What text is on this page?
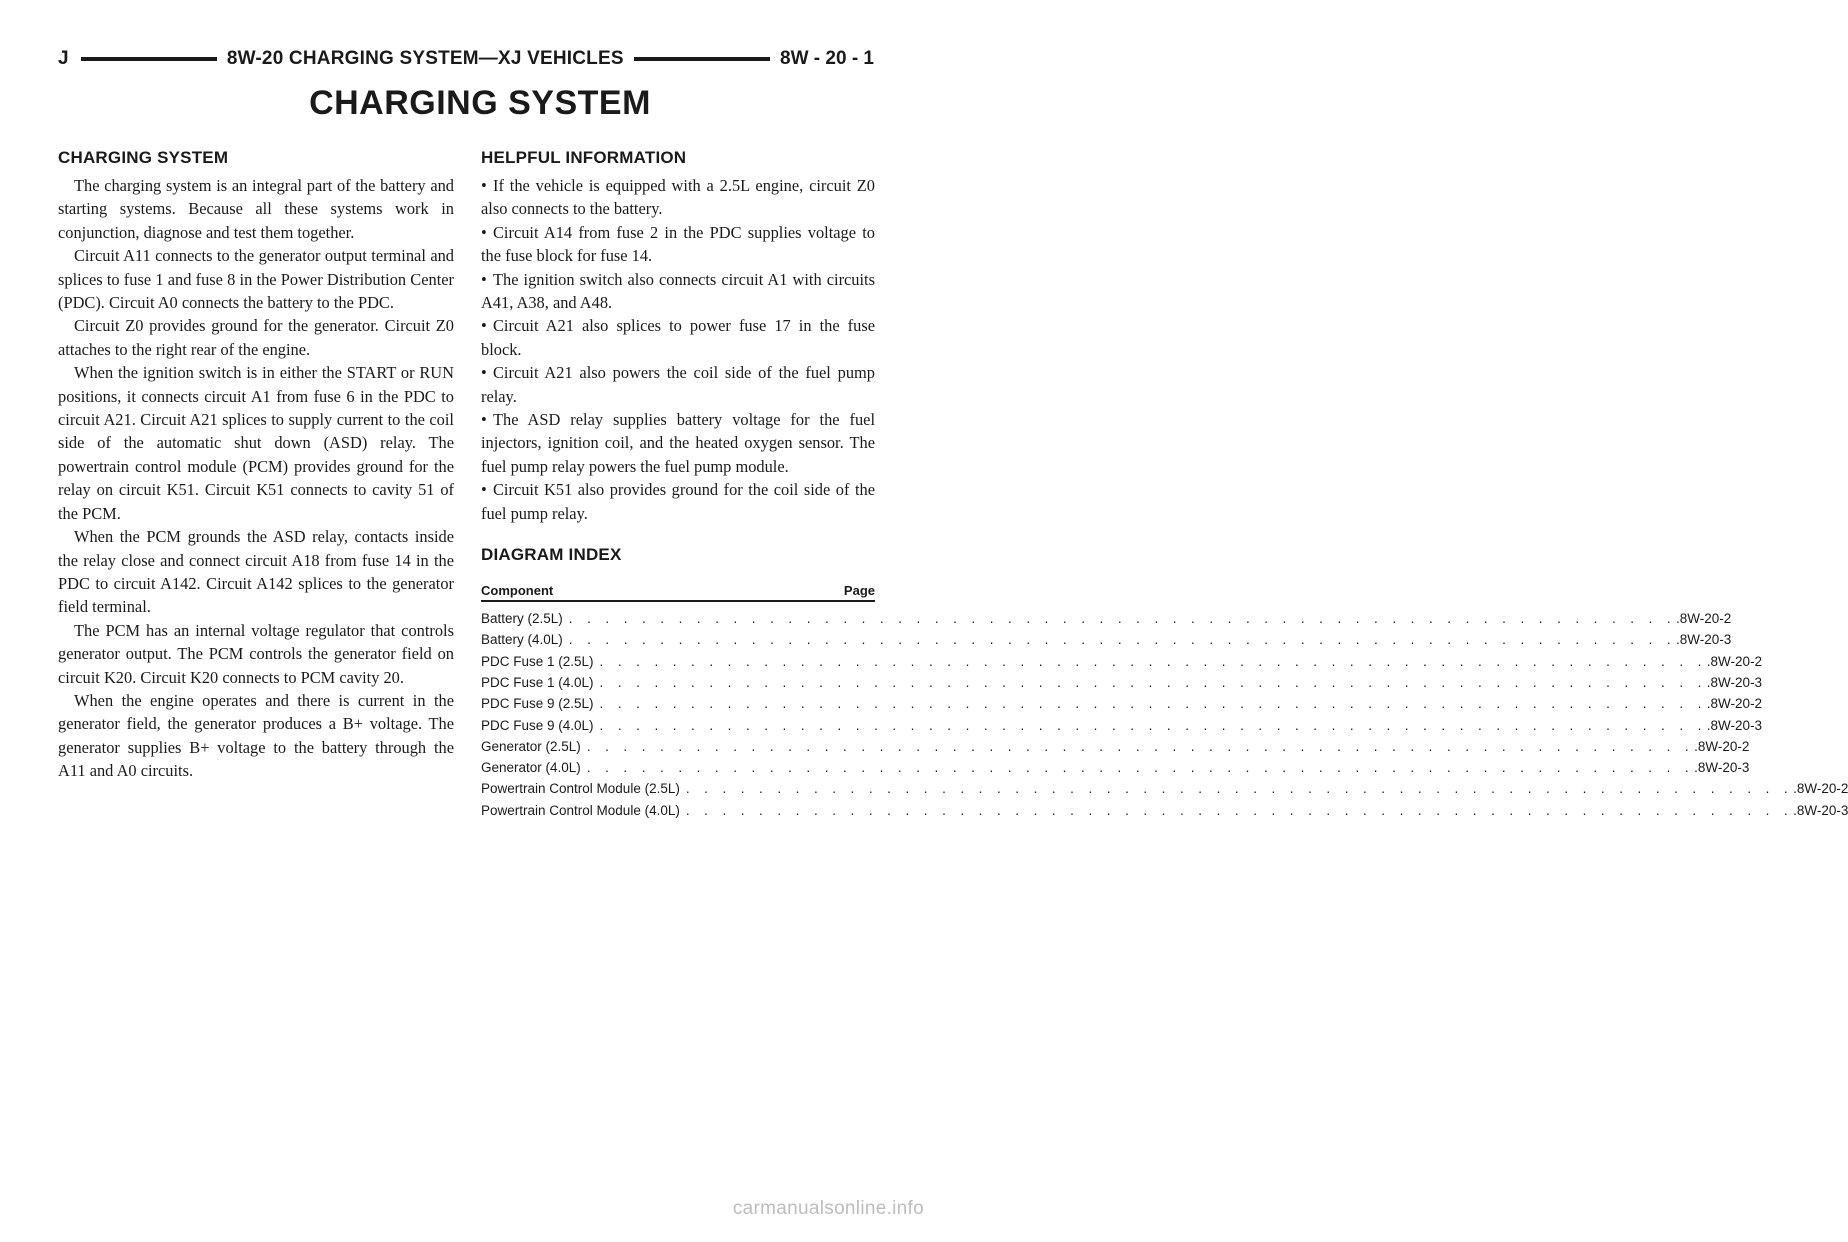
J	8W-20 CHARGING SYSTEM—XJ VEHICLES	8W - 20 - 1
CHARGING SYSTEM
CHARGING SYSTEM

The charging system is an integral part of the battery and starting systems. Because all these systems work in conjunction, diagnose and test them together.

Circuit A11 connects to the generator output terminal and splices to fuse 1 and fuse 8 in the Power Distribution Center (PDC). Circuit A0 connects the battery to the PDC.

Circuit Z0 provides ground for the generator. Circuit Z0 attaches to the right rear of the engine.

When the ignition switch is in either the START or RUN positions, it connects circuit A1 from fuse 6 in the PDC to circuit A21. Circuit A21 splices to supply current to the coil side of the automatic shut down (ASD) relay. The powertrain control module (PCM) provides ground for the relay on circuit K51. Circuit K51 connects to cavity 51 of the PCM.

When the PCM grounds the ASD relay, contacts inside the relay close and connect circuit A18 from fuse 14 in the PDC to circuit A142. Circuit A142 splices to the generator field terminal.

The PCM has an internal voltage regulator that controls generator output. The PCM controls the generator field on circuit K20. Circuit K20 connects to PCM cavity 20.

When the engine operates and there is current in the generator field, the generator produces a B+ voltage. The generator supplies B+ voltage to the battery through the A11 and A0 circuits.

HELPFUL INFORMATION
• If the vehicle is equipped with a 2.5L engine, circuit Z0 also connects to the battery.
• Circuit A14 from fuse 2 in the PDC supplies voltage to the fuse block for fuse 14.
• The ignition switch also connects circuit A1 with circuits A41, A38, and A48.
• Circuit A21 also splices to power fuse 17 in the fuse block.
• Circuit A21 also powers the coil side of the fuel pump relay.
• The ASD relay supplies battery voltage for the fuel injectors, ignition coil, and the heated oxygen sensor. The fuel pump relay powers the fuel pump module.
• Circuit K51 also provides ground for the coil side of the fuel pump relay.
DIAGRAM INDEX
Component	Page
Battery (2.5L) . . . . . . . . . . . . . . . . . . . . . . . . . . . . . . . . . . . . . . . . . . . . . . . . . . . . . . . . . . . . . .8W-20-2
Battery (4.0L) . . . . . . . . . . . . . . . . . . . . . . . . . . . . . . . . . . . . . . . . . . . . . . . . . . . . . . . . . . . . . .8W-20-3
PDC Fuse 1 (2.5L) . . . . . . . . . . . . . . . . . . . . . . . . . . . . . . . . . . . . . . . . . . . . . . . . . . . . . . . . . . . . . .8W-20-2
PDC Fuse 1 (4.0L) . . . . . . . . . . . . . . . . . . . . . . . . . . . . . . . . . . . . . . . . . . . . . . . . . . . . . . . . . . . . . .8W-20-3
PDC Fuse 9 (2.5L) . . . . . . . . . . . . . . . . . . . . . . . . . . . . . . . . . . . . . . . . . . . . . . . . . . . . . . . . . . . . . .8W-20-2
PDC Fuse 9 (4.0L) . . . . . . . . . . . . . . . . . . . . . . . . . . . . . . . . . . . . . . . . . . . . . . . . . . . . . . . . . . . . . .8W-20-3
Generator (2.5L) . . . . . . . . . . . . . . . . . . . . . . . . . . . . . . . . . . . . . . . . . . . . . . . . . . . . . . . . . . . . . .8W-20-2
Generator (4.0L) . . . . . . . . . . . . . . . . . . . . . . . . . . . . . . . . . . . . . . . . . . . . . . . . . . . . . . . . . . . . . .8W-20-3
Powertrain Control Module (2.5L) . . . . . . . . . . . . . . . . . . . . . . . . . . . . . . . . . . . . . . . . . . . . . . . . . . . . . . . . . . . . . .8W-20-2
Powertrain Control Module (4.0L) . . . . . . . . . . . . . . . . . . . . . . . . . . . . . . . . . . . . . . . . . . . . . . . . . . . . . . . . . . . . . .8W-20-3
carmanualsonline.info
